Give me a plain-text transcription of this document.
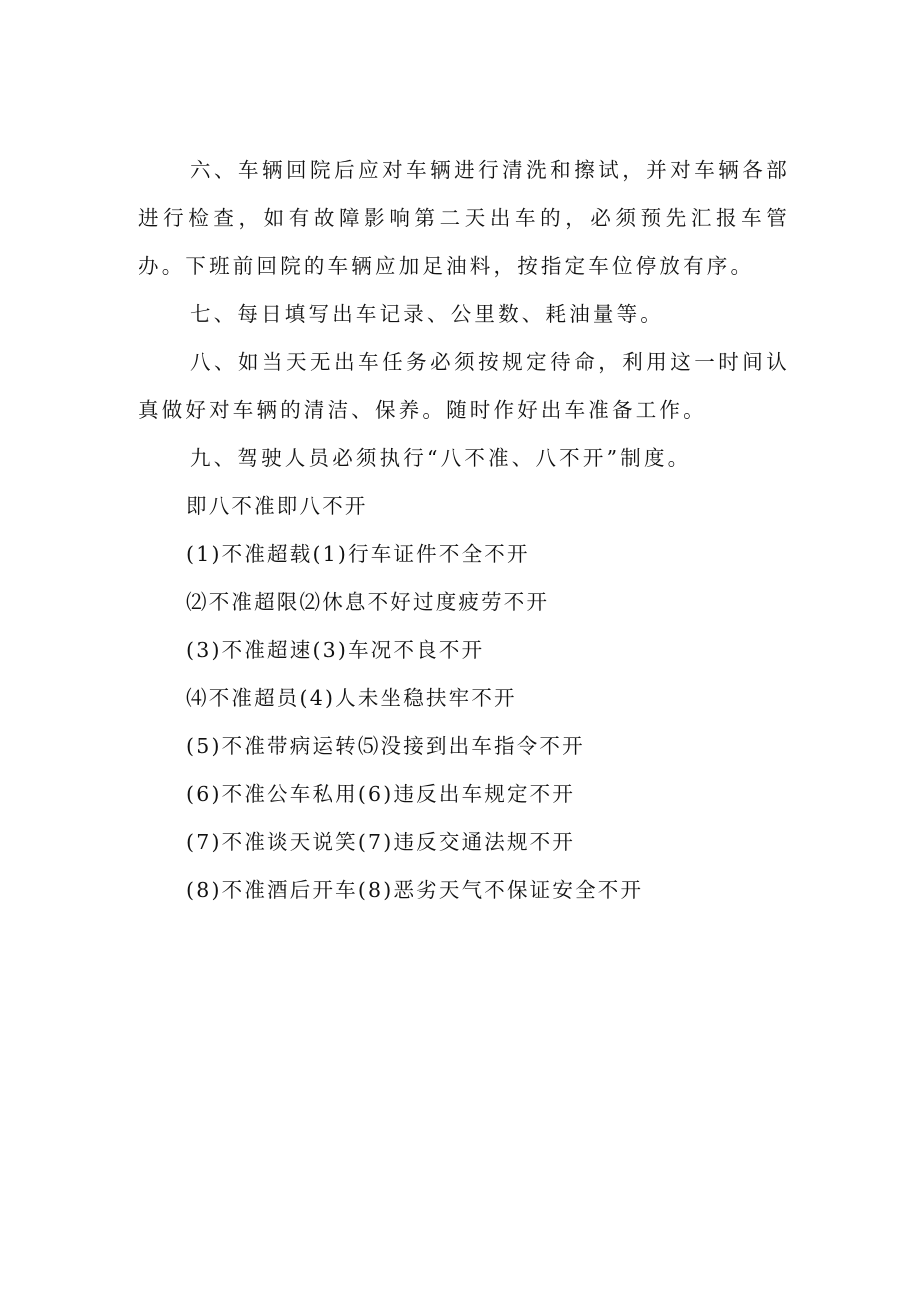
六、车辆回院后应对车辆进行清洗和擦试，并对车辆各部进行检查，如有故障影响第二天出车的，必须预先汇报车管办。下班前回院的车辆应加足油料，按指定车位停放有序。

七、每日填写出车记录、公里数、耗油量等。

八、如当天无出车任务必须按规定待命，利用这一时间认真做好对车辆的清洁、保养。随时作好出车准备工作。

九、驾驶人员必须执行“八不准、八不开”制度。

即八不准即八不开

(1)不准超载(1)行车证件不全不开

⑵不准超限⑵休息不好过度疲劳不开

(3)不准超速(3)车况不良不开

⑷不准超员(4)人未坐稳扶牢不开

(5)不准带病运转⑸没接到出车指令不开

(6)不准公车私用(6)违反出车规定不开

(7)不准谈天说笑(7)违反交通法规不开

(8)不准酒后开车(8)恶劣天气不保证安全不开
